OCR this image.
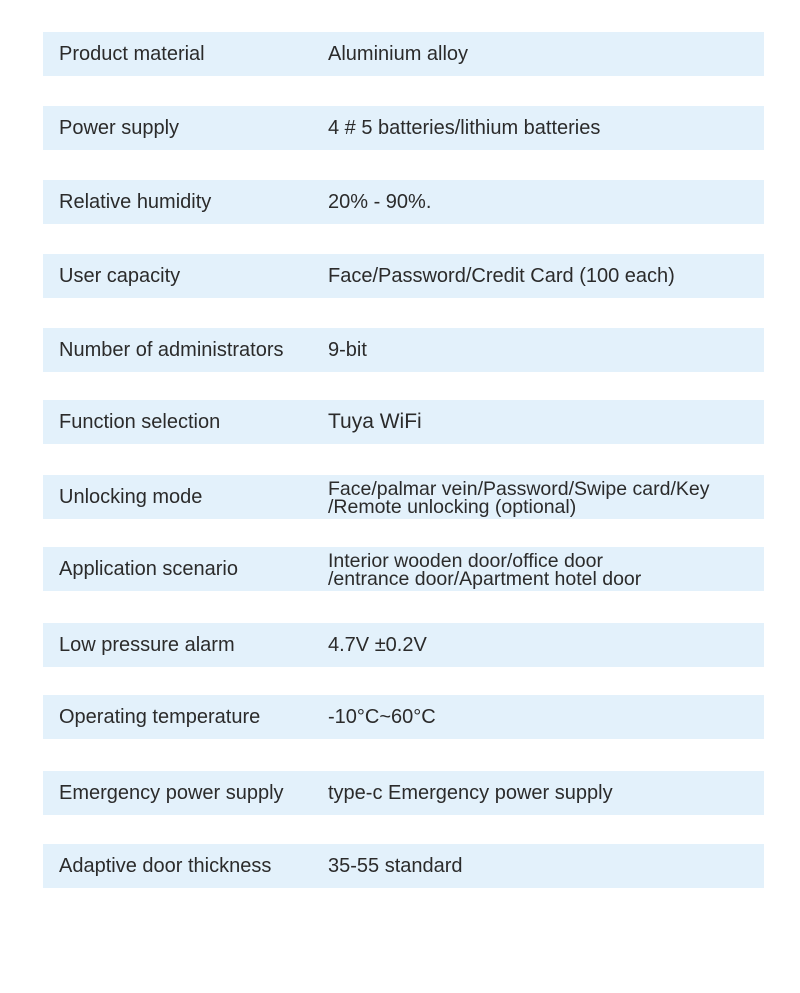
Product material	Aluminium alloy
Power supply	4 # 5 batteries/lithium batteries
Relative humidity	20% - 90%.
User capacity	Face/Password/Credit Card (100 each)
Number of administrators	9-bit
Function selection	Tuya WiFi
Unlocking mode	Face/palmar vein/Password/Swipe card/Key
/Remote unlocking (optional)
Application scenario	Interior wooden door/office door
/entrance door/Apartment hotel door
Low pressure alarm	4.7V ±0.2V
Operating temperature	-10°C~60°C
Emergency power supply	type-c Emergency power supply
Adaptive door thickness	35-55 standard
